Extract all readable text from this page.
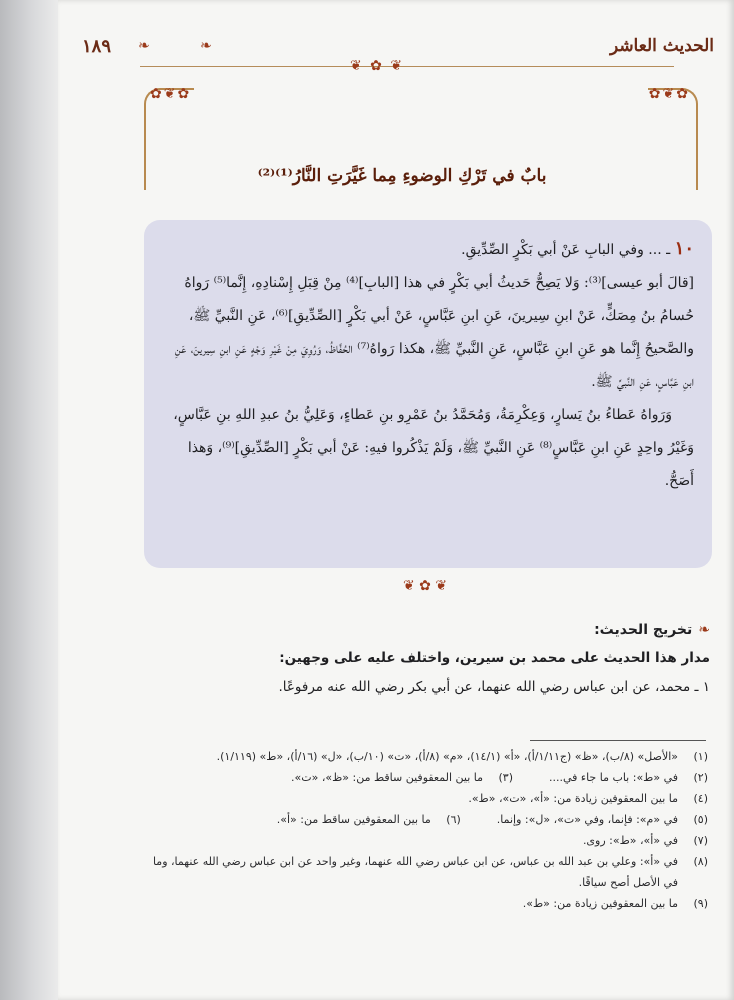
الحديث العاشر
١٨٩
❦ ✿ ❦
❧
❧
✿❦✿
✿❦✿
بابٌ في تَرْكِ الوضوءِ مِما غَيَّرَتِ النَّارُ⁽¹⁾⁽²⁾

١٠ ـ ... وفي البابِ عَنْ أبي بَكْرٍ الصِّدِّيقِ.

[قالَ أبو عيسى]⁽³⁾: وَلا يَصِحُّ حَديثُ أبي بَكْرٍ في هذا [البابِ]⁽⁴⁾ مِنْ قِبَلِ إِسْنادِهِ، إِنَّما⁽⁵⁾ رَواهُ حُسامُ بنُ مِصَكٍّ، عَنْ ابنِ سِيرينَ، عَنِ ابنِ عَبَّاسٍ، عَنْ أبي بَكْرٍ [الصِّدِّيقِ]⁽⁶⁾، عَنِ النَّبيِّ ﷺ، والصَّحيحُ إِنَّما هو عَنِ ابنِ عَبَّاسٍ، عَنِ النَّبيِّ ﷺ، هكذا رَواهُ⁽⁷⁾ الحُفَّاظُ، وَرُوِيَ مِنْ غَيْرِ وَجْهٍ عَنِ ابنِ سِيرينَ، عَنِ ابنِ عَبَّاسٍ، عَنِ النَّبيِّ ﷺ.

وَرَواهُ عَطاءُ بنُ يَسارٍ، وَعِكْرِمَةُ، وَمُحَمَّدُ بنُ عَمْرِو بنِ عَطاءٍ، وَعَلِيُّ بنُ عبدِ اللهِ بنِ عَبَّاسٍ، وَغَيْرُ واحِدٍ عَنِ ابنِ عَبَّاسٍ⁽⁸⁾ عَنِ النَّبيِّ ﷺ، وَلَمْ يَذْكُروا فيهِ: عَنْ أبي بَكْرٍ [الصِّدِّيقِ]⁽⁹⁾، وَهذا أَصَحُّ.

❦ ✿ ❦
❧تخريج الحديث:
مدار هذا الحديث على محمد بن سيرين، واختلف عليه على وجهين:
١ ـ محمد، عن ابن عباس رضي الله عنهما، عن أبي بكر رضي الله عنه مرفوعًا.

(١)
«الأصل» (٨/ب)، «ظ» (ج١/١١/أ)، «أ» (١٤/١)، «م» (٨/أ)، «ت» (١٠/ب)، «ل» (١٦/أ)، «ط» (١/١١٩).

(٢)
في «ط»: باب ما جاء في....

(٣)
ما بين المعقوفين ساقط من: «ظ»، «ت».

(٤)
ما بين المعقوفين زيادة من: «أ»، «ت»، «ط».

(٥)
في «م»: فإنما، وفي «ت»، «ل»: وإنما.

(٦)
ما بين المعقوفين ساقط من: «أ».

(٧)
في «أ»، «ط»: روى.

(٨)
في «أ»: وعلي بن عبد الله بن عباس، عن ابن عباس رضي الله عنهما، وغير واحد عن ابن عباس رضي الله عنهما، وما في الأصل أصح سياقًا.

(٩)
ما بين المعقوفين زيادة من: «ط».
